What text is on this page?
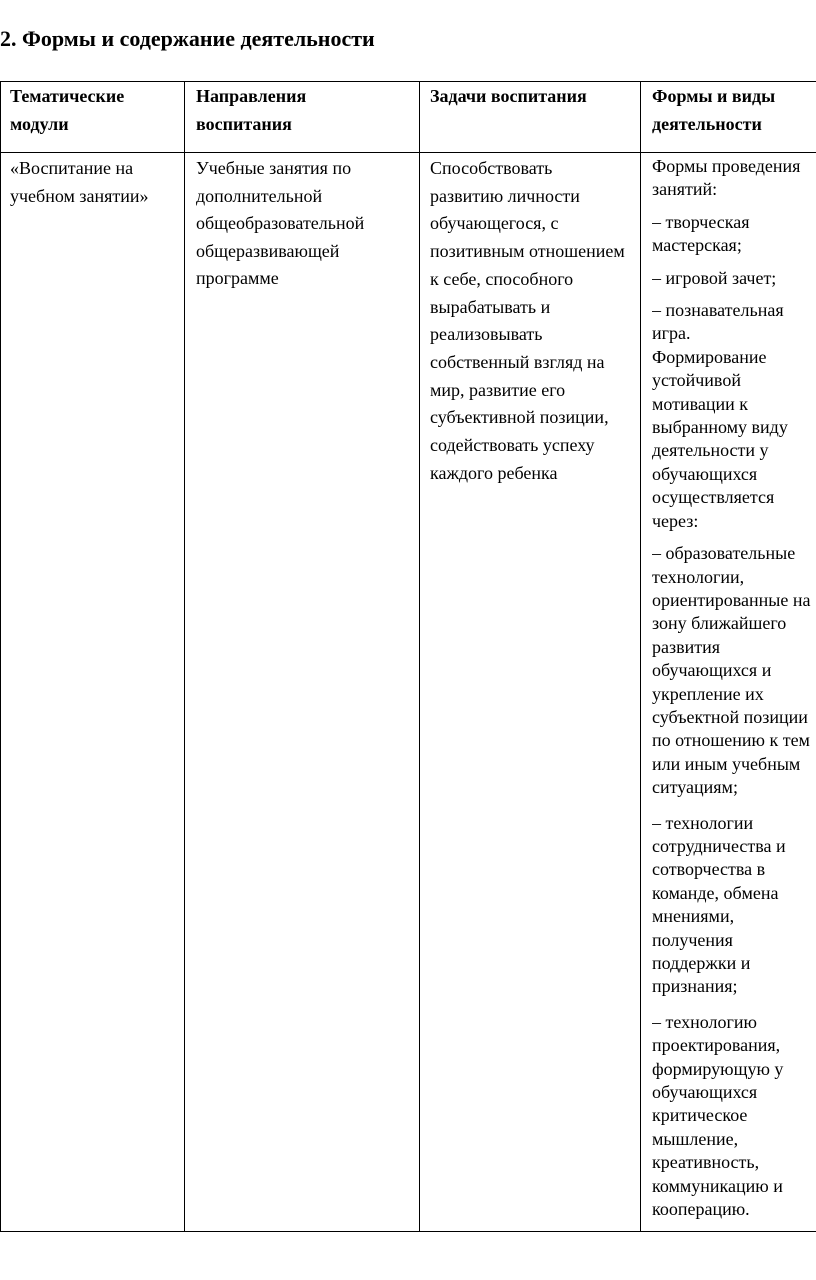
2. Формы и содержание деятельности
Тематические модули
Направления воспитания
Задачи воспитания	Формы и виды деятельности
«Воспитание на учебном занятии»
Учебные занятия по дополнительной общеобразовательной общеразвивающей программе
Способствовать развитию личности обучающегося, с позитивным отношением к себе, способного вырабатывать и реализовывать собственный взгляд на мир, развитие его субъективной позиции, содействовать успеху каждого ребенка
Формы проведения
занятий:
– творческая
мастерская;
– игровой зачет;
– познавательная
игра.
Формирование
устойчивой
мотивации к
выбранному виду
деятельности у
обучающихся
осуществляется
через:
– образовательные
технологии,
ориентированные на
зону ближайшего
развития
обучающихся и
укрепление их
субъектной позиции
по отношению к тем
или иным учебным
ситуациям;
– технологии
сотрудничества и
сотворчества в
команде, обмена
мнениями,
получения
поддержки и
признания;
– технологию
проектирования,
формирующую у
обучающихся
критическое
мышление,
креативность,
коммуникацию и
кооперацию.
